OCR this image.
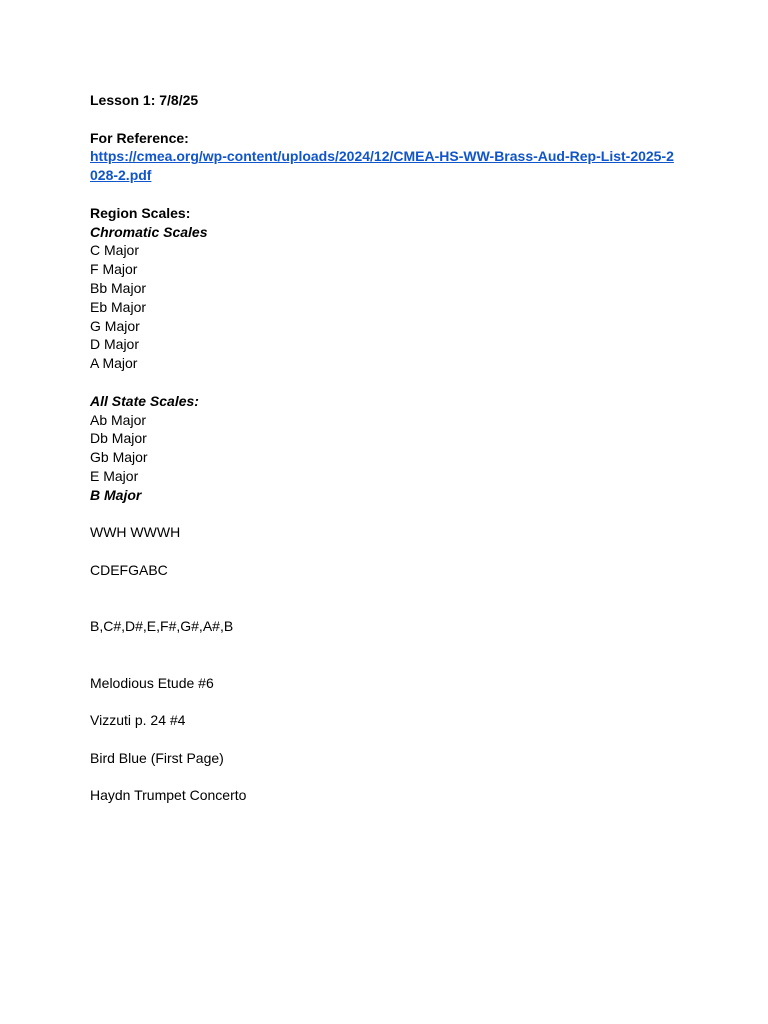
Lesson 1: 7/8/25
For Reference:
https://cmea.org/wp-content/uploads/2024/12/CMEA-HS-WW-Brass-Aud-Rep-List-2025-2028-2.pdf
Region Scales:
Chromatic Scales
C Major
F Major
Bb Major
Eb Major
G Major
D Major
A Major
All State Scales:
Ab Major
Db Major
Gb Major
E Major
B Major
WWH WWWH
CDEFGABC
B,C#,D#,E,F#,G#,A#,B
Melodious Etude #6
Vizzuti p. 24 #4
Bird Blue (First Page)
Haydn Trumpet Concerto
